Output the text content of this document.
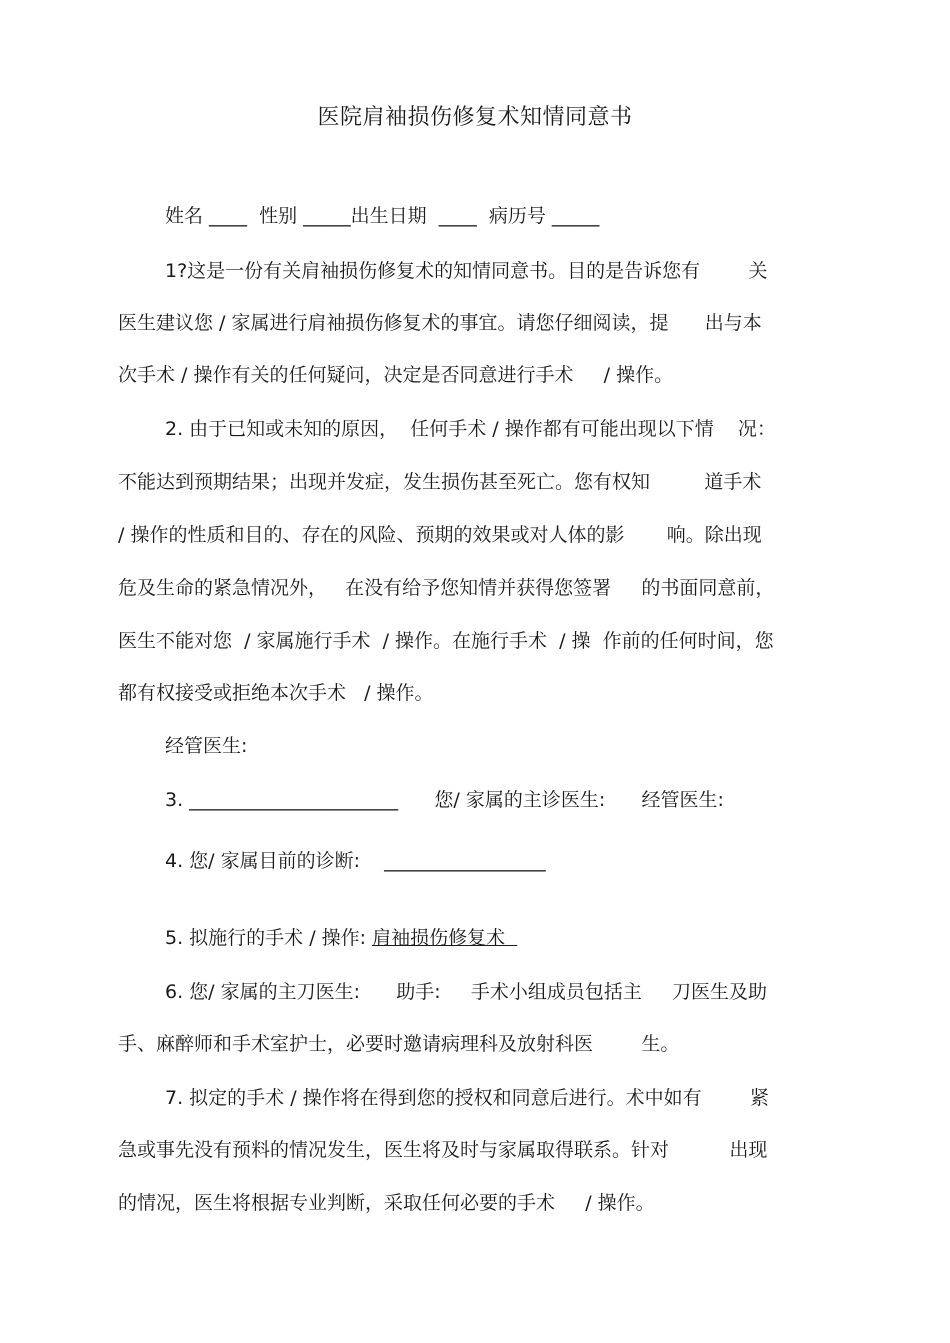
医院肩袖损伤修复术知情同意书

姓名 ____  性别 _____出生日期  ____  病历号 _____

1?这是一份有关肩袖损伤修复术的知情同意书。目的是告诉您有        关

医生建议您 / 家属进行肩袖损伤修复术的事宜。请您仔细阅读，提      出与本

次手术 / 操作有关的任何疑问，决定是否同意进行手术     / 操作。

2. 由于已知或未知的原因，  任何手术 / 操作都有可能出现以下情    况：

不能达到预期结果；出现并发症，发生损伤甚至死亡。您有权知         道手术

/ 操作的性质和目的、存在的风险、预期的效果或对人体的影       响。除出现

危及生命的紧急情况外，   在没有给予您知情并获得您签署     的书面同意前，

医生不能对您  / 家属施行手术  / 操作。在施行手术  / 操  作前的任何时间，您

都有权接受或拒绝本次手术   / 操作。

经管医生:

3. ______________________      您/ 家属的主诊医生:      经管医生:

4. 您/ 家属目前的诊断:    _________________

5. 拟施行的手术 / 操作: 肩袖损伤修复术

6. 您/ 家属的主刀医生:      助手:     手术小组成员包括主     刀医生及助

手、麻醉师和手术室护士，必要时邀请病理科及放射科医        生。

7. 拟定的手术 / 操作将在得到您的授权和同意后进行。术中如有        紧

急或事先没有预料的情况发生，医生将及时与家属取得联系。针对          出现

的情况，医生将根据专业判断，采取任何必要的手术     / 操作。
